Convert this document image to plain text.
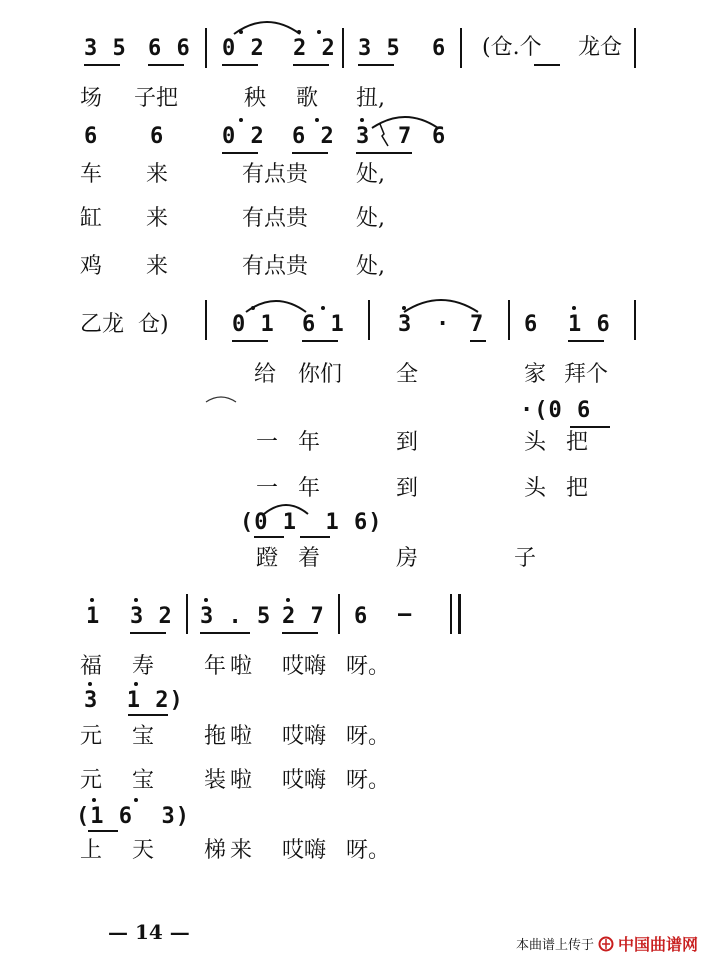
3 5 6 6 0 2 2 2 3 5 6 (仓.个 龙仓
场 子把	秧 歌 扭,
6 6	0 2 6 2 3 7 6
车 来	有点贵 处,
缸 来	有点贵 处,
鸡 来	有点贵 处,
乙龙  仓)	0 1 6 1 3 · 7 6 1 6
给 你们 全	家 拜个
·(0 6
一 年	到	头 把
一 年	到	头 把
(0 1  1 6)
蹬 着	房	子
1 3 2 3 . 5 2 7 6 —
福 寿 年 啦 哎嗨 呀。
3  1 2)
元 宝 拖 啦 哎嗨 呀。
元 宝 装 啦 哎嗨 呀。
(1 6  3)
上 天 梯 来 哎嗨 呀。
— 14 —
本曲谱上传于 中国曲谱网
